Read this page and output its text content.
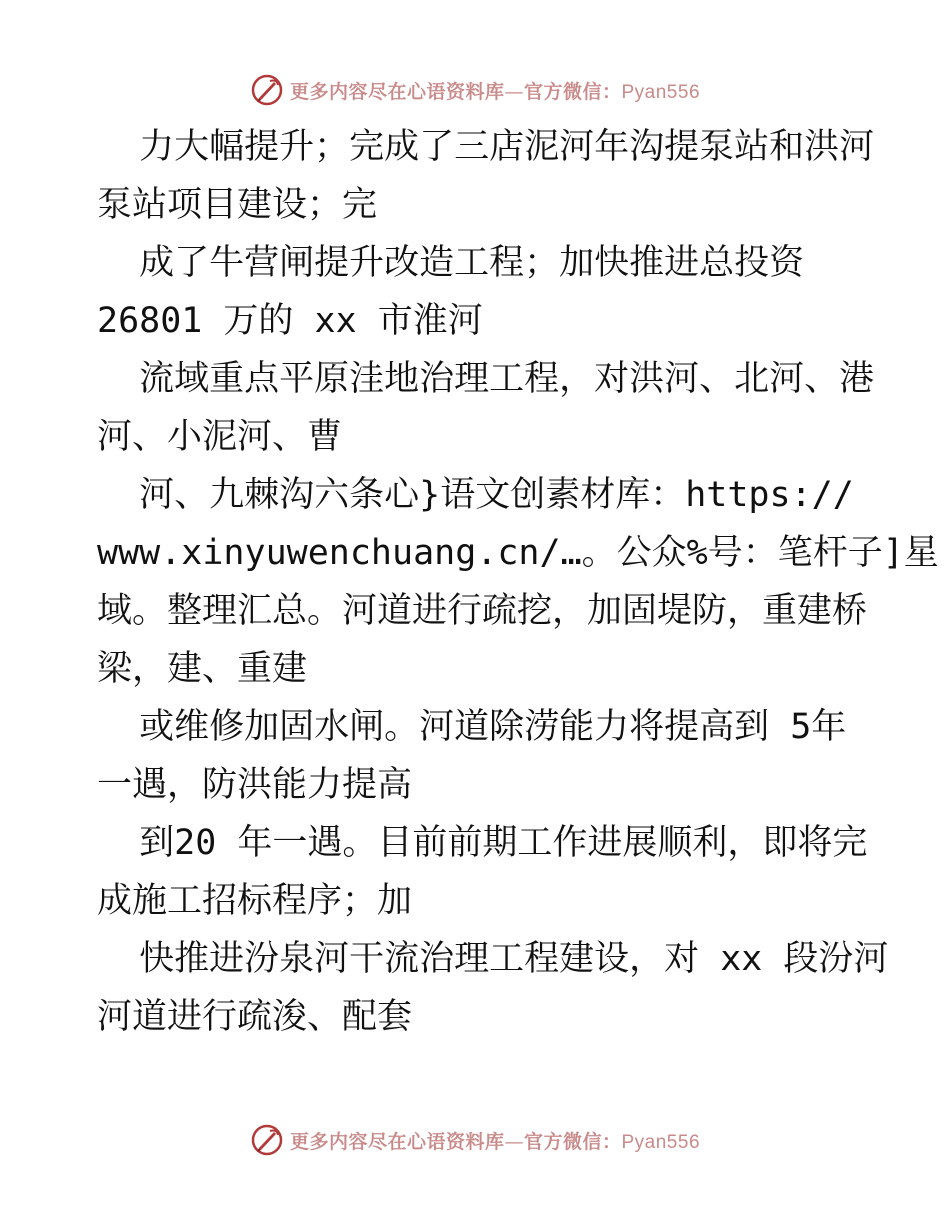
更多内容尽在心语资料库—官方微信：Pyan556

力大幅提升；完成了三店泥河年沟提泵站和洪河

泵站项目建设；完

成了牛营闸提升改造工程；加快推进总投资

26801 万的 xx 市淮河

流域重点平原洼地治理工程，对洪河、北河、港

河、小泥河、曹

河、九棘沟六条心}语文创素材库：https://

www.xinyuwenchuang.cn/…。公众%号：笔杆子]星

域。整理汇总。河道进行疏挖，加固堤防，重建桥

梁，建、重建

或维修加固水闸。河道除涝能力将提高到 5年

一遇，防洪能力提高

到20 年一遇。目前前期工作进展顺利，即将完

成施工招标程序；加

快推进汾泉河干流治理工程建设，对 xx 段汾河

河道进行疏浚、配套

更多内容尽在心语资料库—官方微信：Pyan556
